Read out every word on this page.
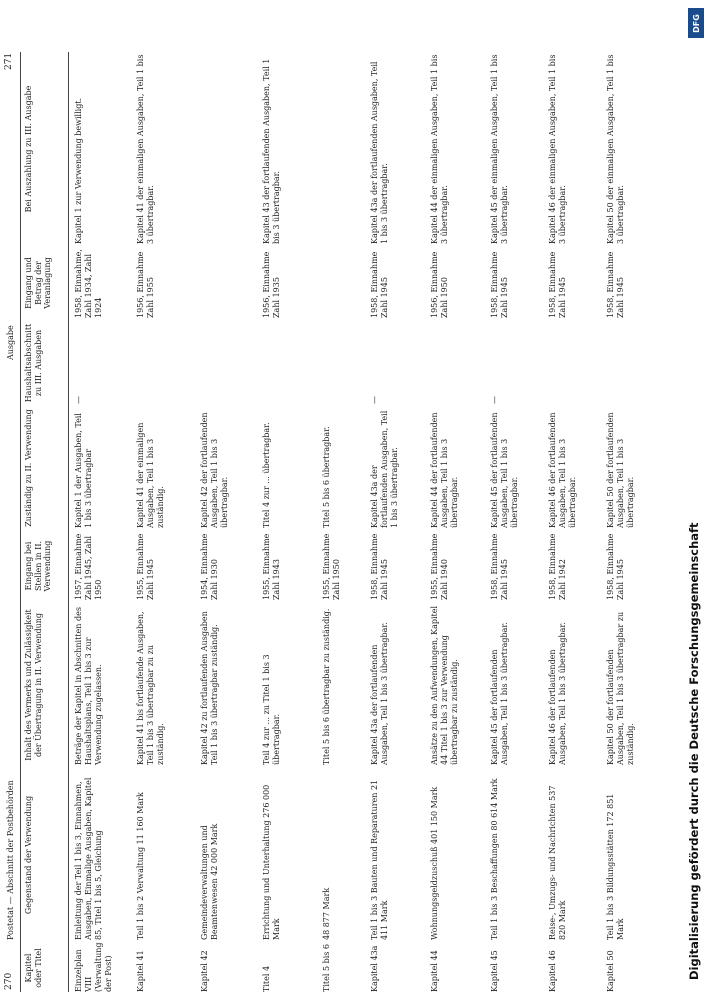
270
Postetat — Abschnitt der Postbehörden
Ausgabe
271
Kapitel oder Titel
Gegenstand der Verwendung
Inhalt des Vermerks und Zulässigkeit der Übertragung in II. Verwendung
Eingang bei Stellen in II. Verwendung
Zuständig zu II. Verwendung
Haushaltsabschnitt zu III. Ausgaben
Eingang und Betrag der Veranlagung
Bei Auszahlung zu III. Ausgabe
Einzelplan VIII (Verwaltung der Post)
Einleitung der Teil 1 bis 3, Einnahmen, Ausgaben, Einmalige Ausgaben, Kapitel 85, Titel 1 bis 5, Gleichung
Beträge der Kapitel in Abschnitten des Haushaltsplans, Teil 1 bis 3 zur Verwendung zugelassen.
1957, Einnahme Zahl 1945, Zahl 1950
Kapitel 1 der Ausgaben, Teil 1 bis 3 übertragbar
—
1958, Einnahme, Zahl 1934, Zahl 1924
Kapitel 1 zur Verwendung bewilligt.
Kapitel 41
Teil 1 bis 2 Verwaltung 11 160 Mark
Kapitel 41 bis fortlaufende Ausgaben, Teil 1 bis 3 übertragbar zu zu zuständig.
1955, Einnahme Zahl 1945
Kapitel 41 der einmaligen Ausgaben, Teil 1 bis 3 zuständig.
1956, Einnahme Zahl 1955
Kapitel 41 der einmaligen Ausgaben, Teil 1 bis 3 übertragbar.
Kapitel 42
Gemeindeverwaltungen und Beamtenwesen 42 000 Mark
Kapitel 42 zu fortlaufenden Ausgaben Teil 1 bis 3 übertragbar zuständig.
1954, Einnahme Zahl 1930
Kapitel 42 der fortlaufenden Ausgaben, Teil 1 bis 3 übertragbar.
Titel 4
Errichtung und Unterhaltung 276 000 Mark
Teil 4 zur ... zu Titel 1 bis 3 übertragbar.
1955, Einnahme Zahl 1943
Titel 4 zur ... übertragbar.
1956, Einnahme Zahl 1935
Kapitel 43 der fortlaufenden Ausgaben, Teil 1 bis 3 übertragbar.
Titel 5 bis 6
48 877 Mark
Titel 5 bis 6 übertragbar zu zuständig.
1955, Einnahme Zahl 1950
Titel 5 bis 6 übertragbar.
Kapitel 43a
Teil 1 bis 3 Bauten und Reparaturen 21 411 Mark
Kapitel 43a der fortlaufenden Ausgaben, Teil 1 bis 3 übertragbar.
1958, Einnahme Zahl 1945
Kapitel 43a der fortlaufenden Ausgaben, Teil 1 bis 3 übertragbar.
—
1958, Einnahme Zahl 1945
Kapitel 43a der fortlaufenden Ausgaben, Teil 1 bis 3 übertragbar.
Kapitel 44
Wohnungsgeldzuschuß 401 150 Mark
Ansätze zu den Aufwendungen, Kapitel 44 Titel 1 bis 3 zur Verwendung übertragbar zu zuständig.
1955, Einnahme Zahl 1940
Kapitel 44 der fortlaufenden Ausgaben, Teil 1 bis 3 übertragbar.
1956, Einnahme Zahl 1950
Kapitel 44 der einmaligen Ausgaben, Teil 1 bis 3 übertragbar.
Kapitel 45
Teil 1 bis 3 Beschaffungen 80 614 Mark
Kapitel 45 der fortlaufenden Ausgaben, Teil 1 bis 3 übertragbar.
1958, Einnahme Zahl 1945
Kapitel 45 der fortlaufenden Ausgaben, Teil 1 bis 3 übertragbar.
—
1958, Einnahme Zahl 1945
Kapitel 45 der einmaligen Ausgaben, Teil 1 bis 3 übertragbar.
Kapitel 46
Reise-, Umzugs- und Nachrichten 537 820 Mark
Kapitel 46 der fortlaufenden Ausgaben, Teil 1 bis 3 übertragbar.
1958, Einnahme Zahl 1942
Kapitel 46 der fortlaufenden Ausgaben, Teil 1 bis 3 übertragbar.
1958, Einnahme Zahl 1945
Kapitel 46 der einmaligen Ausgaben, Teil 1 bis 3 übertragbar.
Kapitel 50
Teil 1 bis 3 Bildungsstätten 172 851 Mark
Kapitel 50 der fortlaufenden Ausgaben, Teil 1 bis 3 übertragbar zu zuständig.
1958, Einnahme Zahl 1945
Kapitel 50 der fortlaufenden Ausgaben, Teil 1 bis 3 übertragbar.
1958, Einnahme Zahl 1945
Kapitel 50 der einmaligen Ausgaben, Teil 1 bis 3 übertragbar.
Digitalisierung gefördert durch die Deutsche Forschungsgemeinschaft
DFG
